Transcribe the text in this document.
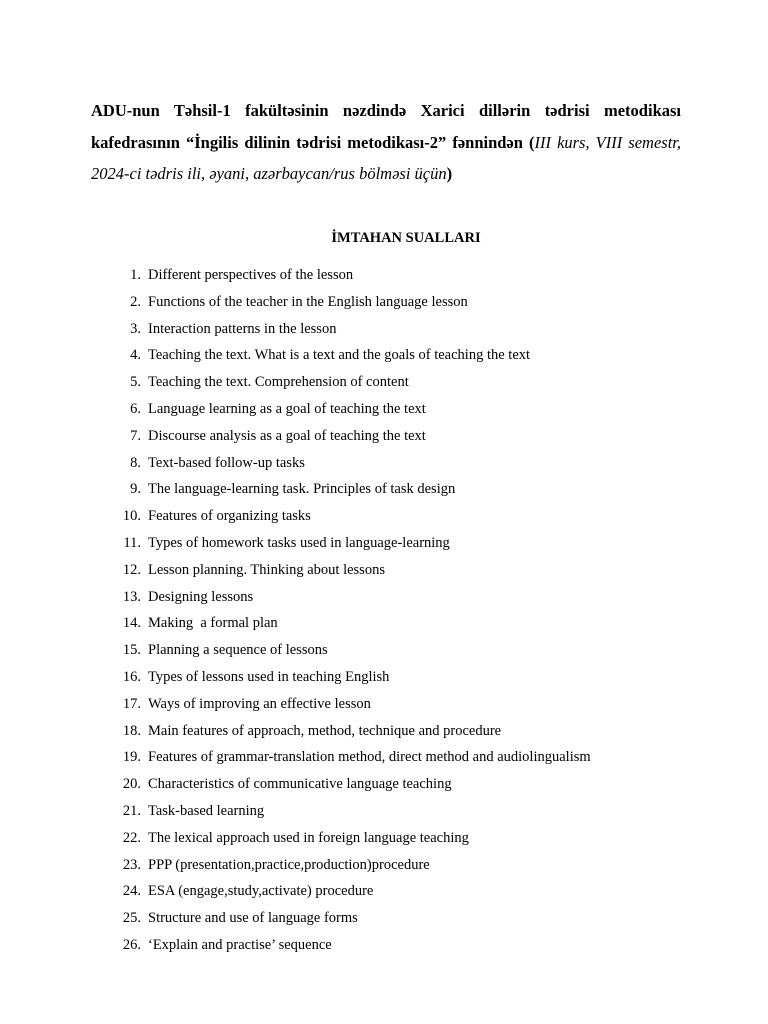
ADU-nun Təhsil-1 fakültəsinin nəzdində Xarici dillərin tədrisi metodikası kafedrasının “İngilis dilinin tədrisi metodikası-2” fənnindən (III kurs, VIII semestr, 2024-ci tədris ili, əyani, azərbaycan/rus bölməsi üçün)

İMTAHAN SUALLARI
1. Different perspectives of the lesson
2. Functions of the teacher in the English language lesson
3. Interaction patterns in the lesson
4. Teaching the text. What is a text and the goals of teaching the text
5. Teaching the text. Comprehension of content
6. Language learning as a goal of teaching the text
7. Discourse analysis as a goal of teaching the text
8. Text-based follow-up tasks
9. The language-learning task. Principles of task design
10. Features of organizing tasks
11. Types of homework tasks used in language-learning
12. Lesson planning. Thinking about lessons
13. Designing lessons
14. Making  a formal plan
15. Planning a sequence of lessons
16. Types of lessons used in teaching English
17. Ways of improving an effective lesson
18. Main features of approach, method, technique and procedure
19. Features of grammar-translation method, direct method and audiolingualism
20. Characteristics of communicative language teaching
21. Task-based learning
22. The lexical approach used in foreign language teaching
23. PPP (presentation,practice,production)procedure
24. ESA (engage,study,activate) procedure
25. Structure and use of language forms
26. ‘Explain and practise’ sequence
